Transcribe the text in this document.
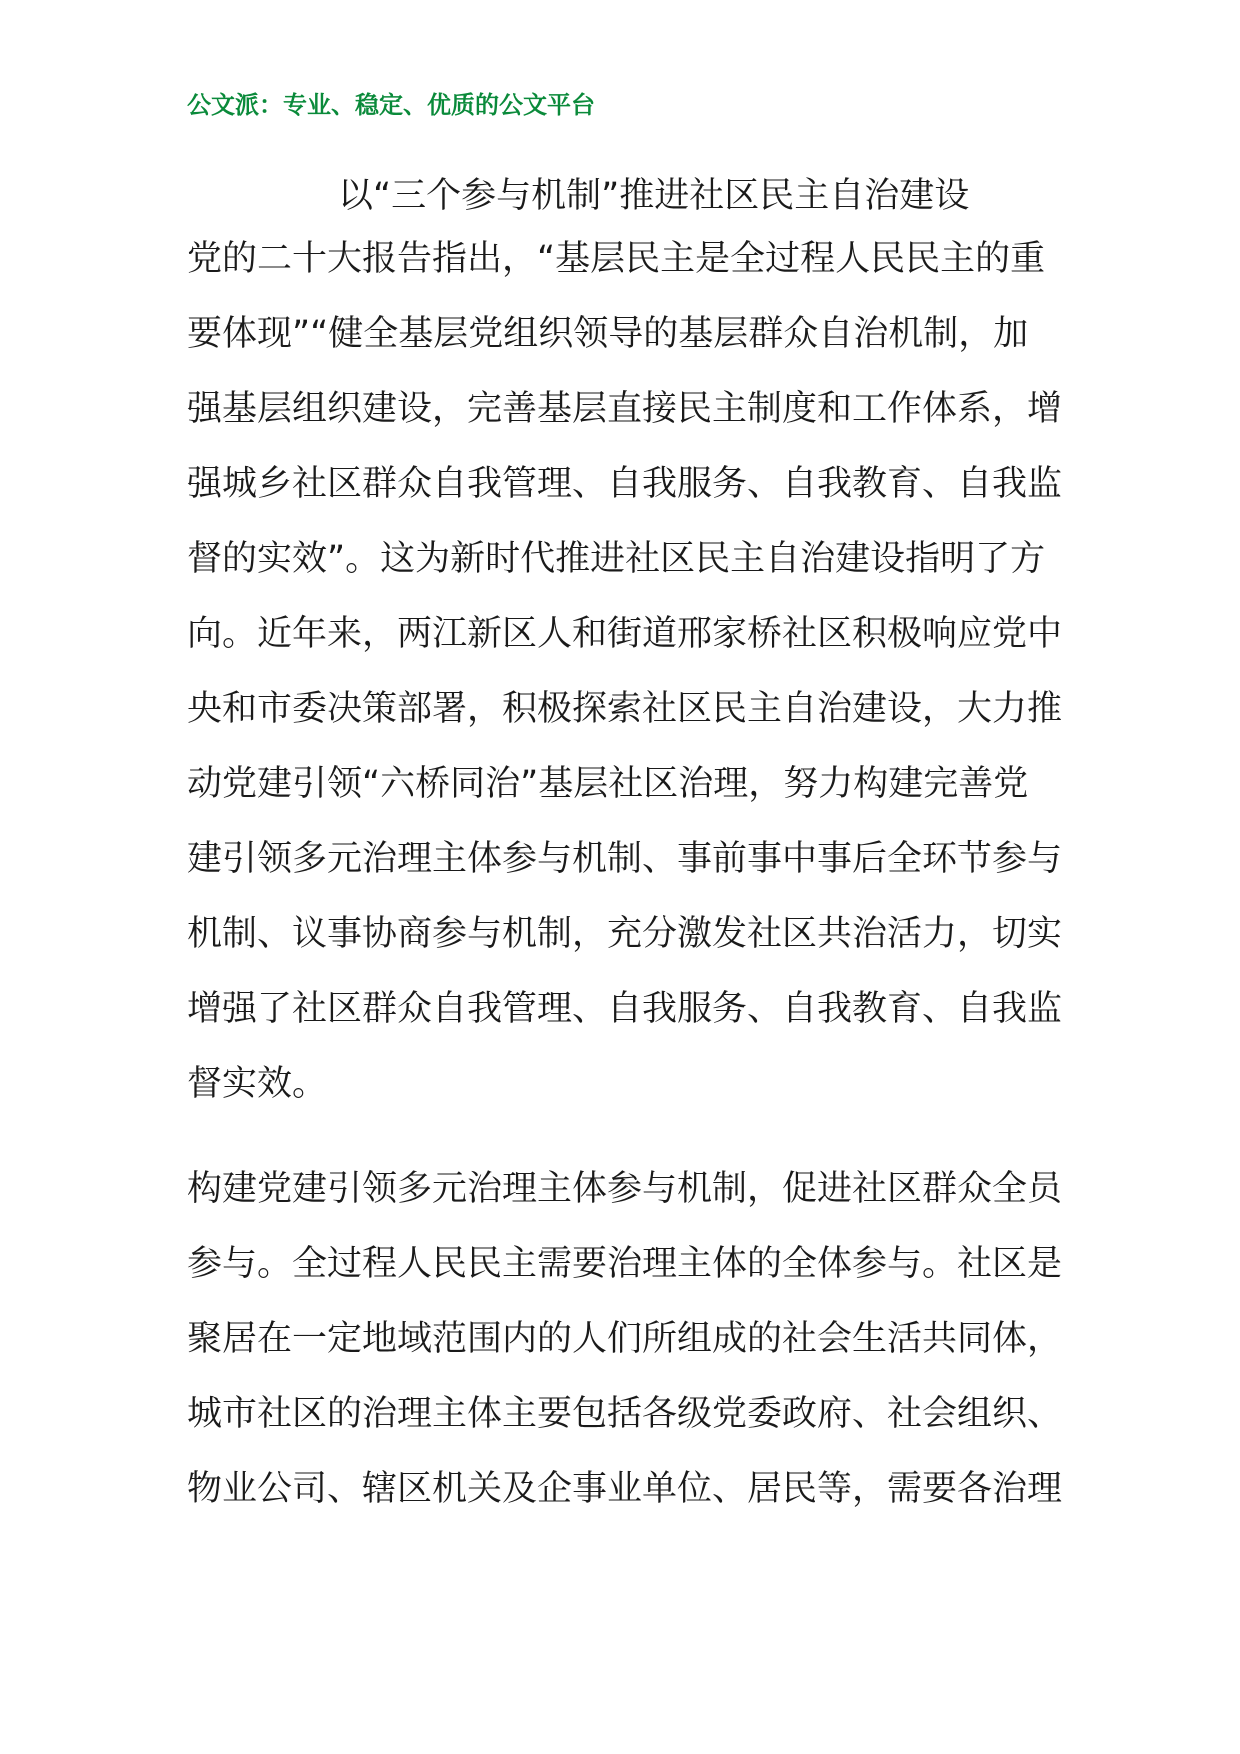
公文派：专业、稳定、优质的公文平台
以“三个参与机制”推进社区民主自治建设
党的二十大报告指出，“基层民主是全过程人民民主的重
要体现”“健全基层党组织领导的基层群众自治机制，加
强基层组织建设，完善基层直接民主制度和工作体系，增
强城乡社区群众自我管理、自我服务、自我教育、自我监
督的实效”。这为新时代推进社区民主自治建设指明了方
向。近年来，两江新区人和街道邢家桥社区积极响应党中
央和市委决策部署，积极探索社区民主自治建设，大力推
动党建引领“六桥同治”基层社区治理，努力构建完善党
建引领多元治理主体参与机制、事前事中事后全环节参与
机制、议事协商参与机制，充分激发社区共治活力，切实
增强了社区群众自我管理、自我服务、自我教育、自我监
督实效。
构建党建引领多元治理主体参与机制，促进社区群众全员
参与。全过程人民民主需要治理主体的全体参与。社区是
聚居在一定地域范围内的人们所组成的社会生活共同体，
城市社区的治理主体主要包括各级党委政府、社会组织、
物业公司、辖区机关及企事业单位、居民等，需要各治理
